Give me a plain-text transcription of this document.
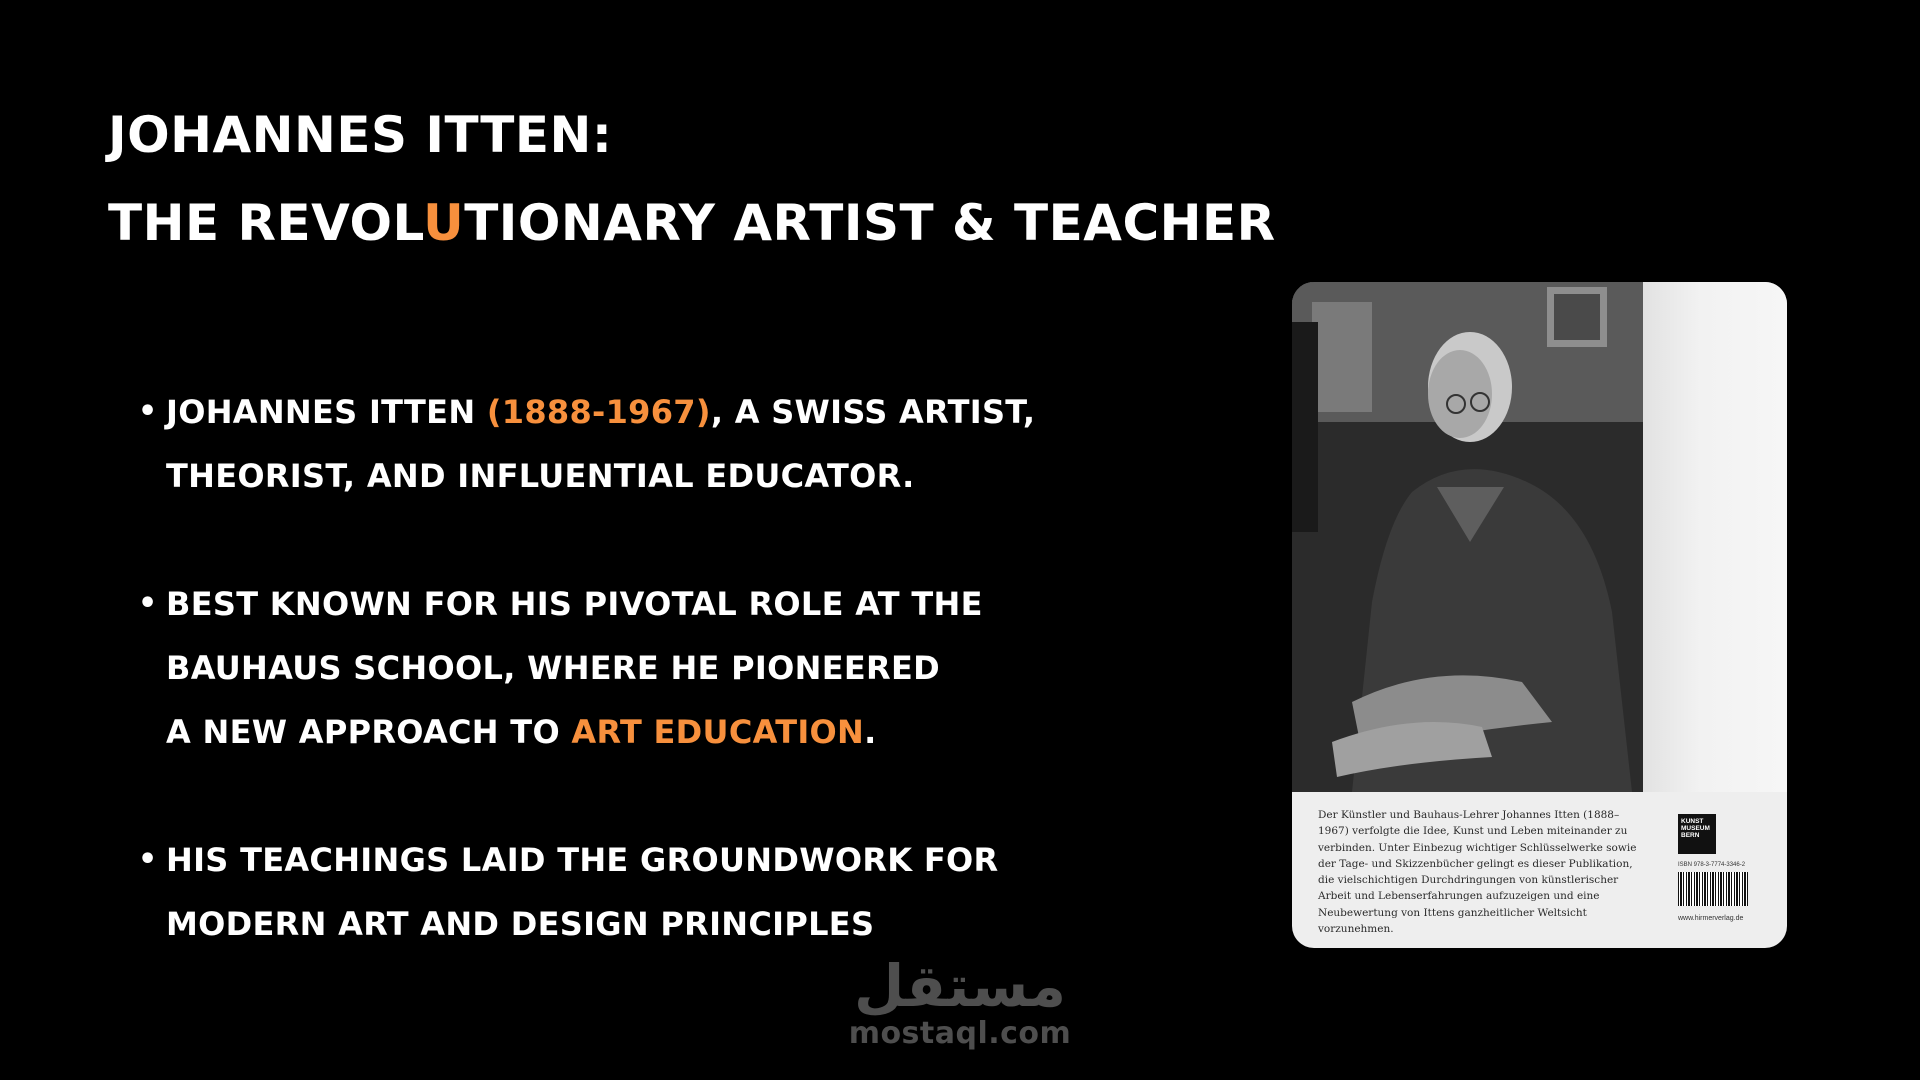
JOHANNES ITTEN:
THE REVOLUTIONARY ARTIST & TEACHER
• JOHANNES ITTEN (1888-1967), A SWISS ARTIST,
THEORIST, AND INFLUENTIAL EDUCATOR.
• BEST KNOWN FOR HIS PIVOTAL ROLE AT THE
BAUHAUS SCHOOL, WHERE HE PIONEERED
A NEW APPROACH TO ART EDUCATION.
• HIS TEACHINGS LAID THE GROUNDWORK FOR
MODERN ART AND DESIGN PRINCIPLES
Der Künstler und Bauhaus-Lehrer Johannes Itten (1888–1967) verfolgte die Idee, Kunst und Leben miteinander zu verbinden. Unter Einbezug wichtiger Schlüsselwerke sowie der Tage- und Skizzenbücher gelingt es dieser Publikation, die vielschichtigen Durchdringungen von künstlerischer Arbeit und Lebenserfahrungen aufzuzeigen und eine Neubewertung von Ittens ganzheitlicher Weltsicht vorzunehmen.
KUNST MUSEUM BERN
ISBN 978-3-7774-3346-2
www.hirmerverlag.de
مستقل
mostaql.com
